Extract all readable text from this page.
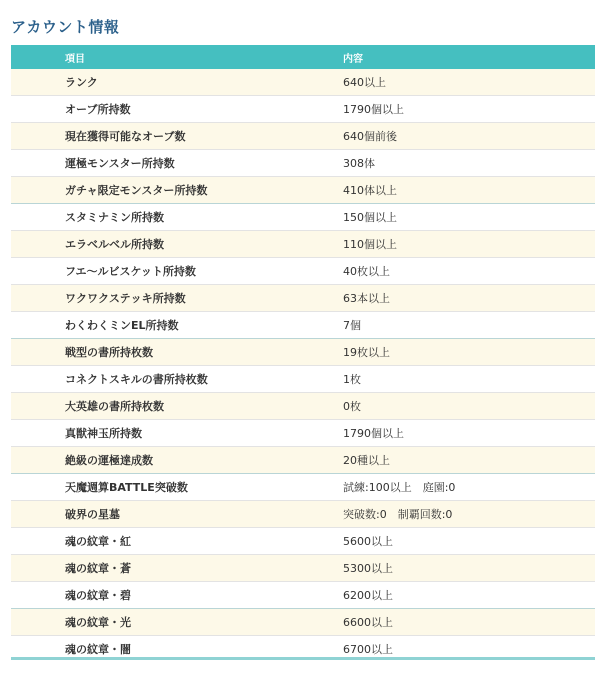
アカウント情報
項目	内容
ランク	640以上
オーブ所持数	1790個以上
現在獲得可能なオーブ数	640個前後
運極モンスター所持数	308体
ガチャ限定モンスター所持数	410体以上
スタミナミン所持数	150個以上
エラベルベル所持数	110個以上
フエ〜ルビスケット所持数	40枚以上
ワクワクステッキ所持数	63本以上
わくわくミンEL所持数	7個
戦型の書所持枚数	19枚以上
コネクトスキルの書所持枚数	1枚
大英雄の書所持枚数	0枚
真獣神玉所持数	1790個以上
絶級の運極達成数	20種以上
天魔週算BATTLE突破数	試練:100以上　庭園:0
破界の星墓	突破数:0　制覇回数:0
魂の紋章・紅	5600以上
魂の紋章・蒼	5300以上
魂の紋章・碧	6200以上
魂の紋章・光	6600以上
魂の紋章・闇	6700以上
